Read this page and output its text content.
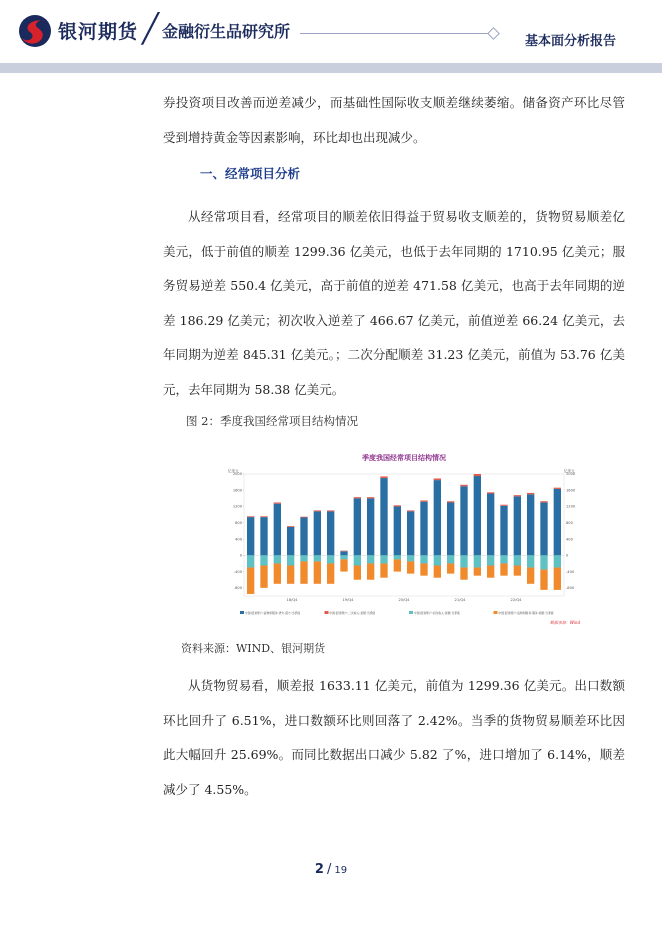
银河期货 ╱ 金融衍生品研究所
基本面分析报告

券投资项目改善而逆差减少，而基础性国际收支顺差继续萎缩。储备资产环比尽管受到增持黄金等因素影响，环比却也出现减少。

一、经常项目分析

从经常项目看，经常项目的顺差依旧得益于贸易收支顺差的，货物贸易顺差亿美元，低于前值的顺差 1299.36 亿美元，也低于去年同期的 1710.95 亿美元；服务贸易逆差 550.4 亿美元，高于前值的逆差 471.58 亿美元，也高于去年同期的逆差 186.29 亿美元；初次收入逆差了 466.67 亿美元，前值逆差 66.24 亿美元，去年同期为逆差 845.31 亿美元。；二次分配顺差 31.23 亿美元，前值为 53.76 亿美元，去年同期为 58.38 亿美元。

图 2：季度我国经常项目结构情况

季度我国经常项目结构情况
亿美元	亿美元
2000	2000
1600	1600
1200	1200
800	800
400	400
0	0
-400	-400
-800	-800
18/Q4	19/Q4	20/Q4	21/Q4	22/Q4
中国:经常账户:货物和服务:贷方-借方:当季值	中国:经常账户:二次收入:差额:当季值	中国:经常账户:初次收入:差额:当季值	中国:经常账户:货物和服务:服务:差额:当季值
数据来源：Wind

资料来源：WIND、银河期货

从货物贸易看，顺差报 1633.11 亿美元，前值为 1299.36 亿美元。出口数额环比回升了 6.51%，进口数额环比则回落了 2.42%。当季的货物贸易顺差环比因此大幅回升 25.69%。而同比数据出口减少 5.82 了%，进口增加了 6.14%，顺差减少了 4.55%。

2 / 19
